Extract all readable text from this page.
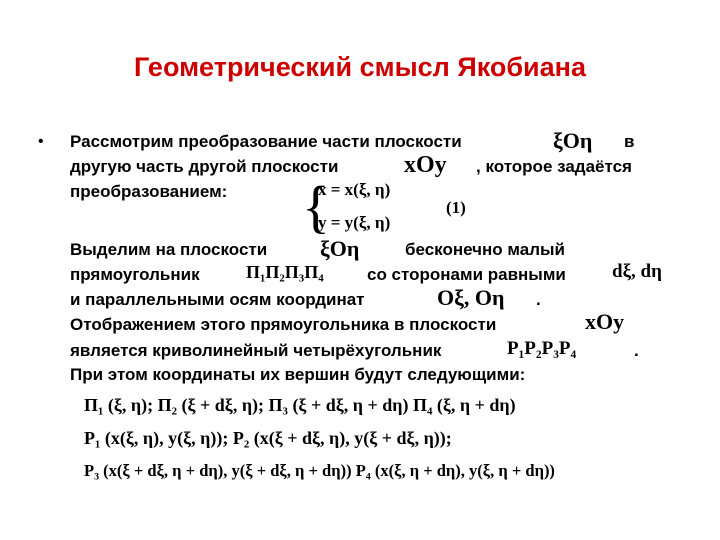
Геометрический смысл Якобиана
• Рассмотрим преобразование части плоскости	ξOη в
другую часть другой плоскости	xOy , которое задаётся
преобразованием: {
x = x(ξ, η)
y = y(ξ, η)
(1)
Выделим на плоскости ξOη	бесконечно малый
прямоугольник	Π₁Π₂Π₃Π₄	со сторонами равными dξ, dη
и параллельными осям координат	Oξ, Oη .
Отображением этого прямоугольника в плоскости	xOy
является криволинейный четырёхугольник	P₁P₂P₃P₄	.
При этом координаты их вершин будут следующими:
Π₁ (ξ, η); Π₂ (ξ + dξ, η); Π₃ (ξ + dξ, η + dη) Π₄ (ξ, η + dη)
P₁ (x(ξ, η), y(ξ, η)); P₂ (x(ξ + dξ, η), y(ξ + dξ, η));
P₃ (x(ξ + dξ, η + dη), y(ξ + dξ, η + dη)) P₄ (x(ξ, η + dη), y(ξ, η + dη))
